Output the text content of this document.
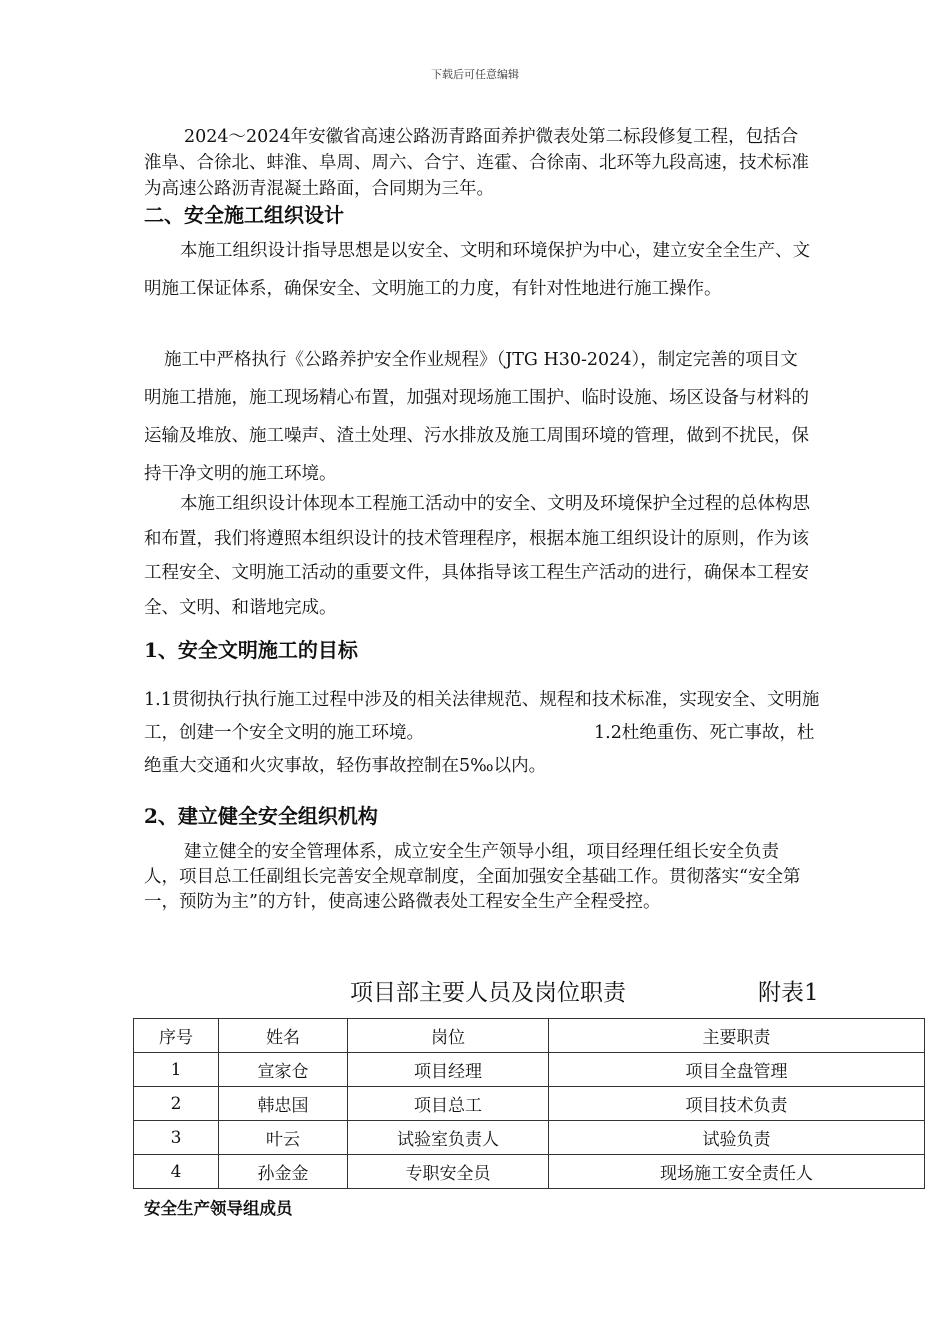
下载后可任意编辑

2024～2024年安徽省高速公路沥青路面养护微表处第二标段修复工程，包括合淮阜、合徐北、蚌淮、阜周、周六、合宁、连霍、合徐南、北环等九段高速，技术标准为高速公路沥青混凝土路面，合同期为三年。

二、安全施工组织设计

本施工组织设计指导思想是以安全、文明和环境保护为中心，建立安全全生产、文明施工保证体系，确保安全、文明施工的力度，有针对性地进行施工操作。

施工中严格执行《公路养护安全作业规程》（JTG H30-2024），制定完善的项目文明施工措施，施工现场精心布置，加强对现场施工围护、临时设施、场区设备与材料的运输及堆放、施工噪声、渣土处理、污水排放及施工周围环境的管理，做到不扰民，保持干净文明的施工环境。

本施工组织设计体现本工程施工活动中的安全、文明及环境保护全过程的总体构思和布置，我们将遵照本组织设计的技术管理程序，根据本施工组织设计的原则，作为该工程安全、文明施工活动的重要文件，具体指导该工程生产活动的进行，确保本工程安全、文明、和谐地完成。

1、安全文明施工的目标

1.1贯彻执行执行施工过程中涉及的相关法律规范、规程和技术标准，实现安全、文明施工，创建一个安全文明的施工环境。	1.2杜绝重伤、死亡事故，杜绝重大交通和火灾事故，轻伤事故控制在5‰以内。

2、建立健全安全组织机构

建立健全的安全管理体系，成立安全生产领导小组，项目经理任组长安全负责人，项目总工任副组长完善安全规章制度，全面加强安全基础工作。贯彻落实“安全第一，预防为主”的方针，使高速公路微表处工程安全生产全程受控。

项目部主要人员及岗位职责	附表1
序号	姓名	岗位	主要职责
1	宣家仓	项目经理	项目全盘管理
2	韩忠国	项目总工	项目技术负责
3	叶云	试验室负责人	试验负责
4	孙金金	专职安全员	现场施工安全责任人
安全生产领导组成员
